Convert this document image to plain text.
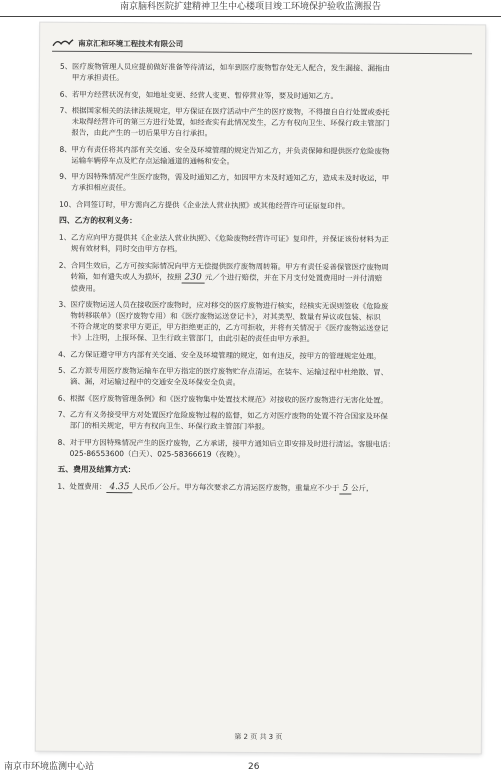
南京脑科医院扩建精神卫生中心楼项目竣工环境保护验收监测报告
南京汇和环境工程技术有限公司
5、医疗废物管理人员应提前做好准备等待清运，如车到医疗废物暂存处无人配合，发生漏接、漏拖由
甲方承担责任。
6、若甲方经营状况有变，如地址变更、经营人变更、暂停营业等，要及时通知乙方。
7、根据国家相关的法律法规规定，甲方保证在医疗活动中产生的医疗废物，不得擅自自行处置或委托
未取得经营许可的第三方进行处置，如经查实有此情况发生，乙方有权向卫生、环保行政主管部门
报告，由此产生的一切后果甲方自行承担。
8、甲方有责任将其内部有关交通、安全及环境管理的规定告知乙方，并负责保障和提供医疗危险废物
运输车辆停车点及贮存点运输通道的通畅和安全。
9、甲方因特殊情况产生医疗废物，需及时通知乙方，如因甲方未及时通知乙方，造成未及时收运，甲
方承担相应责任。
10、合同签订时，甲方需向乙方提供《企业法人营业执照》或其他经营许可证原复印件。
四、乙方的权利义务：
1、乙方应向甲方提供其《企业法人营业执照》、《危险废物经营许可证》复印件，并保证该份材料为正
规有效材料，同时交由甲方存档。
2、合同生效后，乙方可按实际情况向甲方无偿提供医疗废物周转箱。甲方有责任妥善保管医疗废物周
转箱，如有遗失或人为损坏，按照 230 元／个进行赔偿，并在下月支付处置费用时一并付清赔
偿费用。
3、医疗废物运送人员在接收医疗废物时，应对移交的医疗废物进行核实，经核实无误则签收《危险废
物转移联单》（医疗废物专用）和《医疗废物运送登记卡》，对其类型、数量有异议或包装、标识
不符合规定的要求甲方更正，甲方拒绝更正的，乙方可拒收，并将有关情况于《医疗废物运送登记
卡》上注明，上报环保、卫生行政主管部门，由此引起的责任由甲方承担。
4、乙方保证遵守甲方内部有关交通、安全及环境管理的规定，如有违反，按甲方的管理规定处理。
5、乙方派专用医疗废物运输车在甲方指定的医疗废物贮存点清运，在装车、运输过程中杜绝散、冒、
滴、漏，对运输过程中的交通安全及环保安全负责。
6、根据《医疗废物管理条例》和《医疗废物集中处置技术规范》对接收的医疗废物进行无害化处置。
7、乙方有义务接受甲方对处置医疗危险废物过程的监督，如乙方对医疗废物的处置不符合国家及环保
部门的相关规定，甲方有权向卫生、环保行政主管部门举报。
8、对于甲方因特殊情况产生的医疗废物，乙方承诺，接甲方通知后立即安排及时进行清运。客服电话：
025-86553600（白天）、025-58366619（夜晚）。
五、费用及结算方式：
1、处置费用： 4.35 人民币／公斤。甲方每次要求乙方清运医疗废物，重量应不少于 5 公斤，
第 2 页 共 3 页
南京市环境监测中心站	26
